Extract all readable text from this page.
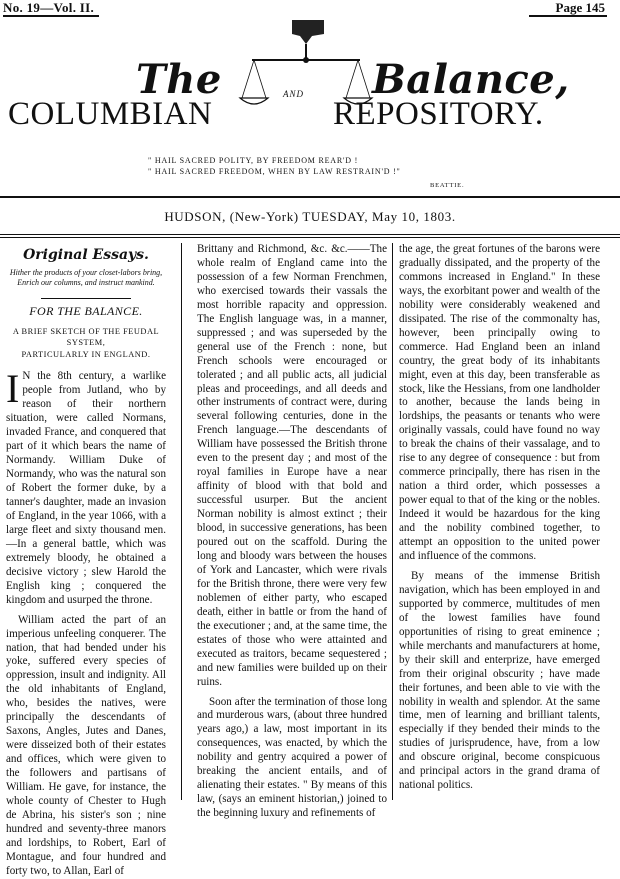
No. 19—Vol. II.	Page 145
The	Balance,
AND
COLUMBIAN	REPOSITORY.
" HAIL SACRED POLITY, BY FREEDOM REAR'D !
" HAIL SACRED FREEDOM, WHEN BY LAW RESTRAIN'D !"
BEATTIE.
HUDSON, (New-York) TUESDAY, May 10, 1803.
Original Essays.
Hither the products of your closet-labors bring,
Enrich our columns, and instruct mankind.
FOR THE BALANCE.
A BRIEF SKETCH OF THE FEUDAL SYSTEM,
PARTICULARLY IN ENGLAND.

I N the 8th century, a warlike people from Jutland, who by reason of their northern situation, were called Normans, invaded France, and conquered that part of it which bears the name of Normandy. William Duke of Normandy, who was the natural son of Robert the former duke, by a tanner's daughter, made an invasion of England, in the year 1066, with a large fleet and sixty thousand men.—In a general battle, which was extremely bloody, he obtained a decisive victory ; slew Harold the English king ; conquered the kingdom and usurped the throne.

William acted the part of an imperious unfeeling conquerer. The nation, that had bended under his yoke, suffered every species of oppression, insult and indignity. All the old inhabitants of England, who, besides the natives, were principally the descendants of Saxons, Angles, Jutes and Danes, were disseized both of their estates and offices, which were given to the followers and partisans of William. He gave, for instance, the whole county of Chester to Hugh de Abrina, his sister's son ; nine hundred and seventy-three manors and lordships, to Robert, Earl of Montague, and four hundred and forty two, to Allan, Earl of

Brittany and Richmond, &c. &c.——The whole realm of England came into the possession of a few Norman Frenchmen, who exercised towards their vassals the most horrible rapacity and oppression. The English language was, in a manner, suppressed ; and was superseded by the general use of the French : none, but French schools were encouraged or tolerated ; and all public acts, all judicial pleas and proceedings, and all deeds and other instruments of contract were, during several following centuries, done in the French language.—The descendants of William have possessed the British throne even to the present day ; and most of the royal families in Europe have a near affinity of blood with that bold and successful usurper. But the ancient Norman nobility is almost extinct ; their blood, in successive generations, has been poured out on the scaffold. During the long and bloody wars between the houses of York and Lancaster, which were rivals for the British throne, there were very few noblemen of either party, who escaped death, either in battle or from the hand of the executioner ; and, at the same time, the estates of those who were attainted and executed as traitors, became sequestered ; and new families were builded up on their ruins.

Soon after the termination of those long and murderous wars, (about three hundred years ago,) a law, most important in its consequences, was enacted, by which the nobility and gentry acquired a power of breaking the ancient entails, and of alienating their estates. " By means of this law, (says an eminent historian,) joined to the beginning luxury and refinements of

the age, the great fortunes of the barons were gradually dissipated, and the property of the commons increased in England." In these ways, the exorbitant power and wealth of the nobility were considerably weakened and dissipated. The rise of the commonalty has, however, been principally owing to commerce. Had England been an inland country, the great body of its inhabitants might, even at this day, been transferable as stock, like the Hessians, from one landholder to another, because the lands being in lordships, the peasants or tenants who were originally vassals, could have found no way to break the chains of their vassalage, and to rise to any degree of consequence : but from commerce principally, there has risen in the nation a third order, which possesses a power equal to that of the king or the nobles. Indeed it would be hazardous for the king and the nobility combined together, to attempt an opposition to the united power and influence of the commons.

By means of the immense British navigation, which has been employed in and supported by commerce, multitudes of men of the lowest families have found opportunities of rising to great eminence ; while merchants and manufacturers at home, by their skill and enterprize, have emerged from their original obscurity ; have made their fortunes, and been able to vie with the nobility in wealth and splendor. At the same time, men of learning and brilliant talents, especially if they bended their minds to the studies of jurisprudence, have, from a low and obscure original, become conspicuous and principal actors in the grand drama of national politics.
